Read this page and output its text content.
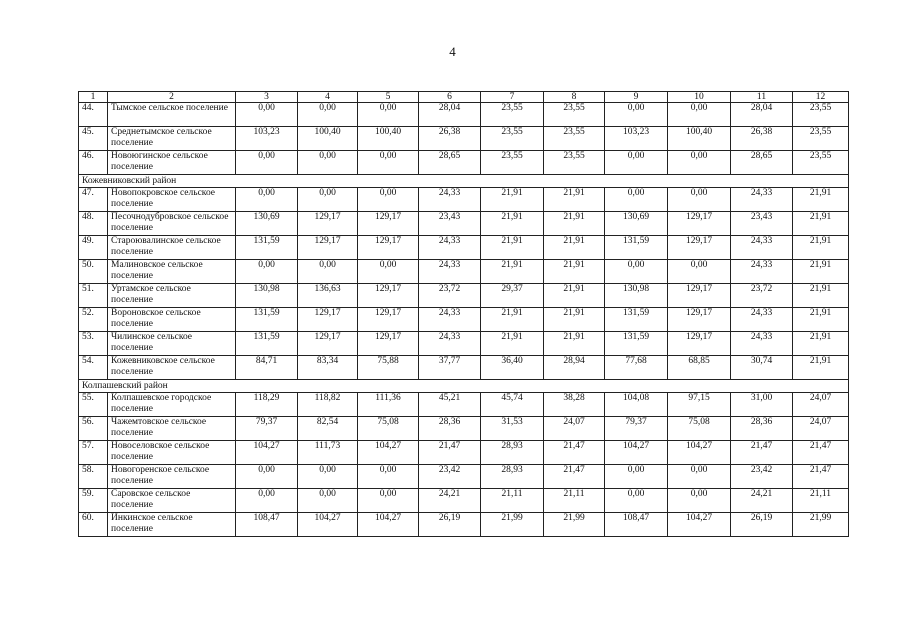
4
1	2	3	4	5	6	7	8	9	10	11	12
44.	Тымское сельское поселение	0,00	0,00	0,00	28,04	23,55	23,55	0,00	0,00	28,04	23,55
45.	Среднетымское сельское поселение	103,23	100,40	100,40	26,38	23,55	23,55	103,23	100,40	26,38	23,55
46.	Новоюгинское сельское поселение	0,00	0,00	0,00	28,65	23,55	23,55	0,00	0,00	28,65	23,55
Кожевниковский район											
47.	Новопокровское сельское поселение	0,00	0,00	0,00	24,33	21,91	21,91	0,00	0,00	24,33	21,91
48.	Песочнодубровское сельское поселение	130,69	129,17	129,17	23,43	21,91	21,91	130,69	129,17	23,43	21,91
49.	Староювалинское сельское поселение	131,59	129,17	129,17	24,33	21,91	21,91	131,59	129,17	24,33	21,91
50.	Малиновское сельское поселение	0,00	0,00	0,00	24,33	21,91	21,91	0,00	0,00	24,33	21,91
51.	Уртамское сельское поселение	130,98	136,63	129,17	23,72	29,37	21,91	130,98	129,17	23,72	21,91
52.	Вороновское сельское поселение	131,59	129,17	129,17	24,33	21,91	21,91	131,59	129,17	24,33	21,91
53.	Чилинское сельское поселение	131,59	129,17	129,17	24,33	21,91	21,91	131,59	129,17	24,33	21,91
54.	Кожевниковское сельское поселение	84,71	83,34	75,88	37,77	36,40	28,94	77,68	68,85	30,74	21,91
Колпашевский район											
55.	Колпашевское городское поселение	118,29	118,82	111,36	45,21	45,74	38,28	104,08	97,15	31,00	24,07
56.	Чажемтовское сельское поселение	79,37	82,54	75,08	28,36	31,53	24,07	79,37	75,08	28,36	24,07
57.	Новоселовское сельское поселение	104,27	111,73	104,27	21,47	28,93	21,47	104,27	104,27	21,47	21,47
58.	Новогоренское сельское поселение	0,00	0,00	0,00	23,42	28,93	21,47	0,00	0,00	23,42	21,47
59.	Саровское сельское поселение	0,00	0,00	0,00	24,21	21,11	21,11	0,00	0,00	24,21	21,11
60.	Инкинское сельское поселение	108,47	104,27	104,27	26,19	21,99	21,99	108,47	104,27	26,19	21,99
